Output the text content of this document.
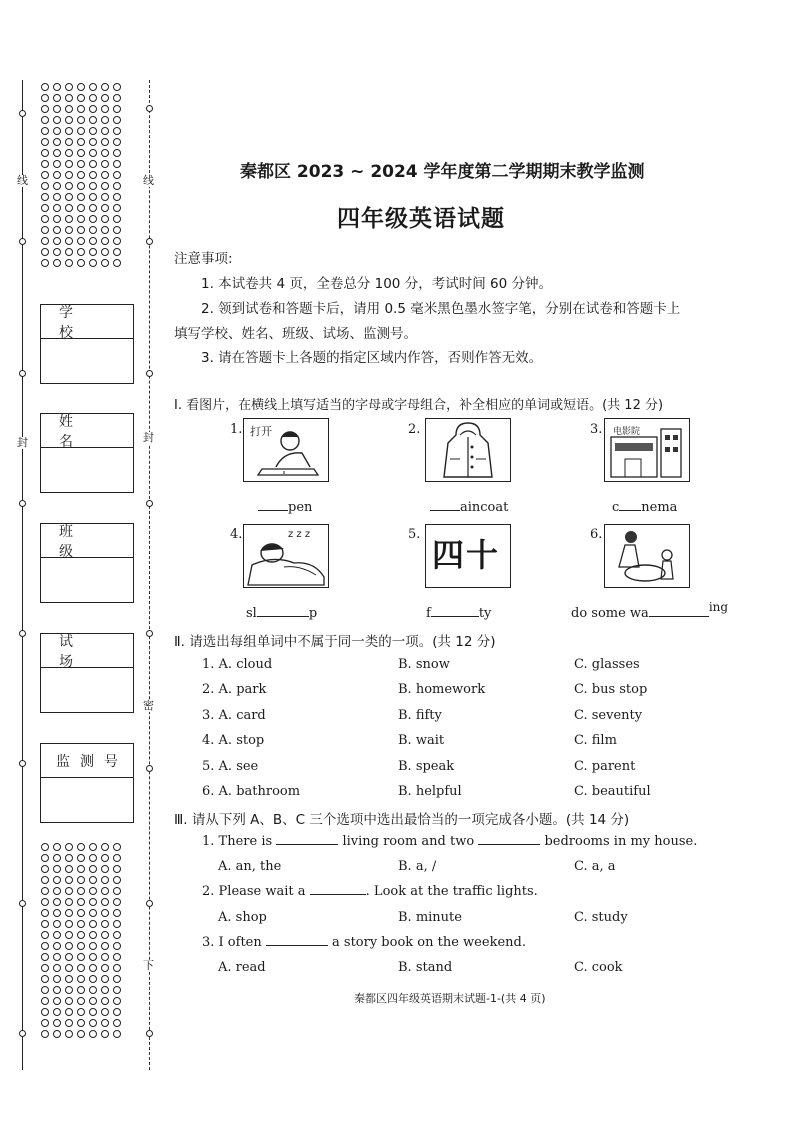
线
封
线
封
密
下
学校
姓名
班级
试场
监测号
秦都区 2023 ~ 2024 学年度第二学期期末教学监测
四年级英语试题
注意事项:
1. 本试卷共 4 页，全卷总分 100 分，考试时间 60 分钟。
2. 领到试卷和答题卡后，请用 0.5 毫米黑色墨水签字笔，分别在试卷和答题卡上
填写学校、姓名、班级、试场、监测号。
3. 请在答题卡上各题的指定区域内作答，否则作答无效。
Ⅰ. 看图片，在横线上填写适当的字母或字母组合，补全相应的单词或短语。(共 12 分)
1. 打开
pen
2.
aincoat
3. 电影院
c nema
4.	z z z
sl	p
5.
四十
f	ty
6.
do some wa	ing
Ⅱ. 请选出每组单词中不属于同一类的一项。(共 12 分)
1. A. cloud	B. snow	C. glasses
2. A. park	B. homework	C. bus stop
3. A. card	B. fifty	C. seventy
4. A. stop	B. wait	C. film
5. A. see	B. speak	C. parent
6. A. bathroom	B. helpful	C. beautiful
Ⅲ. 请从下列 A、B、C 三个选项中选出最恰当的一项完成各小题。(共 14 分)
1. There is	living room and two	bedrooms in my house.
A. an, the	B. a, /	C. a, a
2. Please wait a	. Look at the traffic lights.
A. shop	B. minute	C. study
3. I often	a story book on the weekend.
A. read	B. stand	C. cook
秦都区四年级英语期末试题-1-(共 4 页)
